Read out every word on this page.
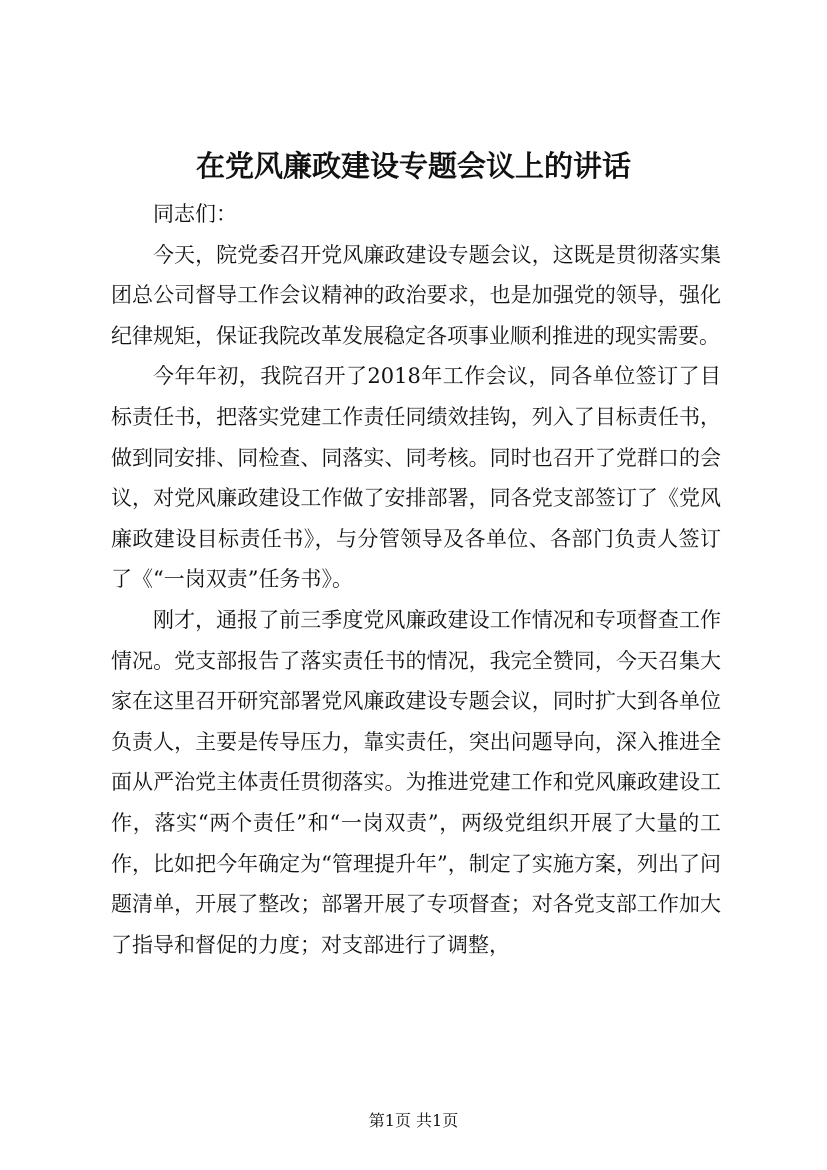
在党风廉政建设专题会议上的讲话

同志们：

今天，院党委召开党风廉政建设专题会议，这既是贯彻落实集团总公司督导工作会议精神的政治要求，也是加强党的领导，强化纪律规矩，保证我院改革发展稳定各项事业顺利推进的现实需要。

今年年初，我院召开了2018年工作会议，同各单位签订了目标责任书，把落实党建工作责任同绩效挂钩，列入了目标责任书，做到同安排、同检查、同落实、同考核。同时也召开了党群口的会议，对党风廉政建设工作做了安排部署，同各党支部签订了《党风廉政建设目标责任书》，与分管领导及各单位、各部门负责人签订了《“一岗双责”任务书》。

刚才，通报了前三季度党风廉政建设工作情况和专项督查工作情况。党支部报告了落实责任书的情况，我完全赞同，今天召集大家在这里召开研究部署党风廉政建设专题会议，同时扩大到各单位负责人，主要是传导压力，靠实责任，突出问题导向，深入推进全面从严治党主体责任贯彻落实。为推进党建工作和党风廉政建设工作，落实“两个责任”和“一岗双责”，两级党组织开展了大量的工作，比如把今年确定为“管理提升年”，制定了实施方案，列出了问题清单，开展了整改；部署开展了专项督查；对各党支部工作加大了指导和督促的力度；对支部进行了调整，

第1页 共1页
